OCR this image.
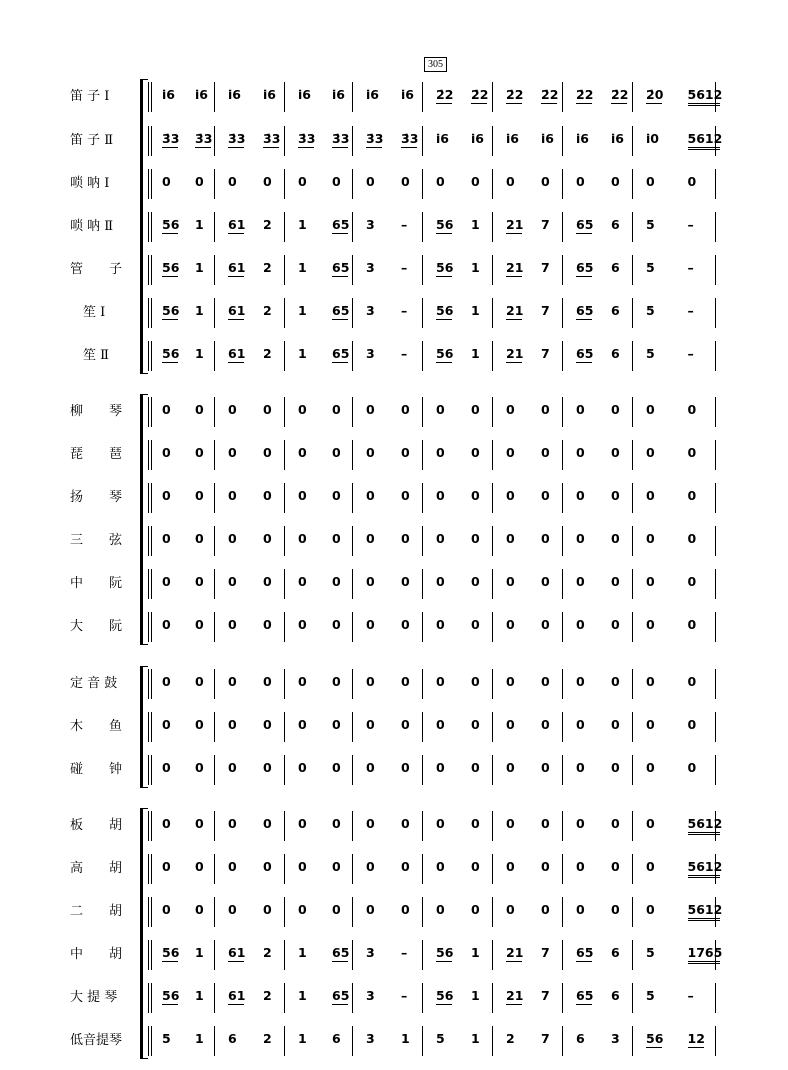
305
笛 子 Ⅰ	i̇6 i̇6 i̇6 i̇6 i̇6 i̇6 i̇6 i̇6 2̇2 2̇2 2̇2 2̇2 2̇2 2̇2 2̇0 5612
笛 子 Ⅱ	3̇3 3̇3 3̇3 3̇3 3̇3 3̇3 3̇3 3̇3 i̇6 i̇6 i̇6 i̇6 i̇6 i̇6 i̇0 5612
唢 呐 Ⅰ	0 0 0 0 0 0 0 0 0 0 0 0 0 0 0	0
唢 呐 Ⅱ	56 1 61 2 1 65 3 – 56 1 21 7 65 6 5	–
管　　子	56 1 61 2 1 65 3 – 56 1 21 7 65 6 5	–
　笙 Ⅰ	56 1 61 2 1 65 3 – 56 1 21 7 65 6 5	–
　笙 Ⅱ	56 1 61 2 1 65 3 – 56 1 21 7 65 6 5	–
柳　　琴	0 0 0 0 0 0 0 0 0 0 0 0 0 0 0	0
琵　　琶	0 0 0 0 0 0 0 0 0 0 0 0 0 0 0	0
扬　　琴	0 0 0 0 0 0 0 0 0 0 0 0 0 0 0	0
三　　弦	0 0 0 0 0 0 0 0 0 0 0 0 0 0 0	0
中　　阮	0 0 0 0 0 0 0 0 0 0 0 0 0 0 0	0
大　　阮	0 0 0 0 0 0 0 0 0 0 0 0 0 0 0	0
定 音 鼓	0 0 0 0 0 0 0 0 0 0 0 0 0 0 0	0
木　　鱼	0 0 0 0 0 0 0 0 0 0 0 0 0 0 0	0
碰　　钟	0 0 0 0 0 0 0 0 0 0 0 0 0 0 0	0
板　　胡	0 0 0 0 0 0 0 0 0 0 0 0 0 0 0	5612
高　　胡	0 0 0 0 0 0 0 0 0 0 0 0 0 0 0	5612
二　　胡	0 0 0 0 0 0 0 0 0 0 0 0 0 0 0	5612
中　　胡	56 1 61 2 1 65 3 – 56 1 21 7 65 6 5	1765
大 提 琴	56 1 61 2 1 65 3 – 56 1 21 7 65 6 5	–
低音提琴	5 1 6 2 1 6 3 1 5 1 2 7 6 3 56 12
